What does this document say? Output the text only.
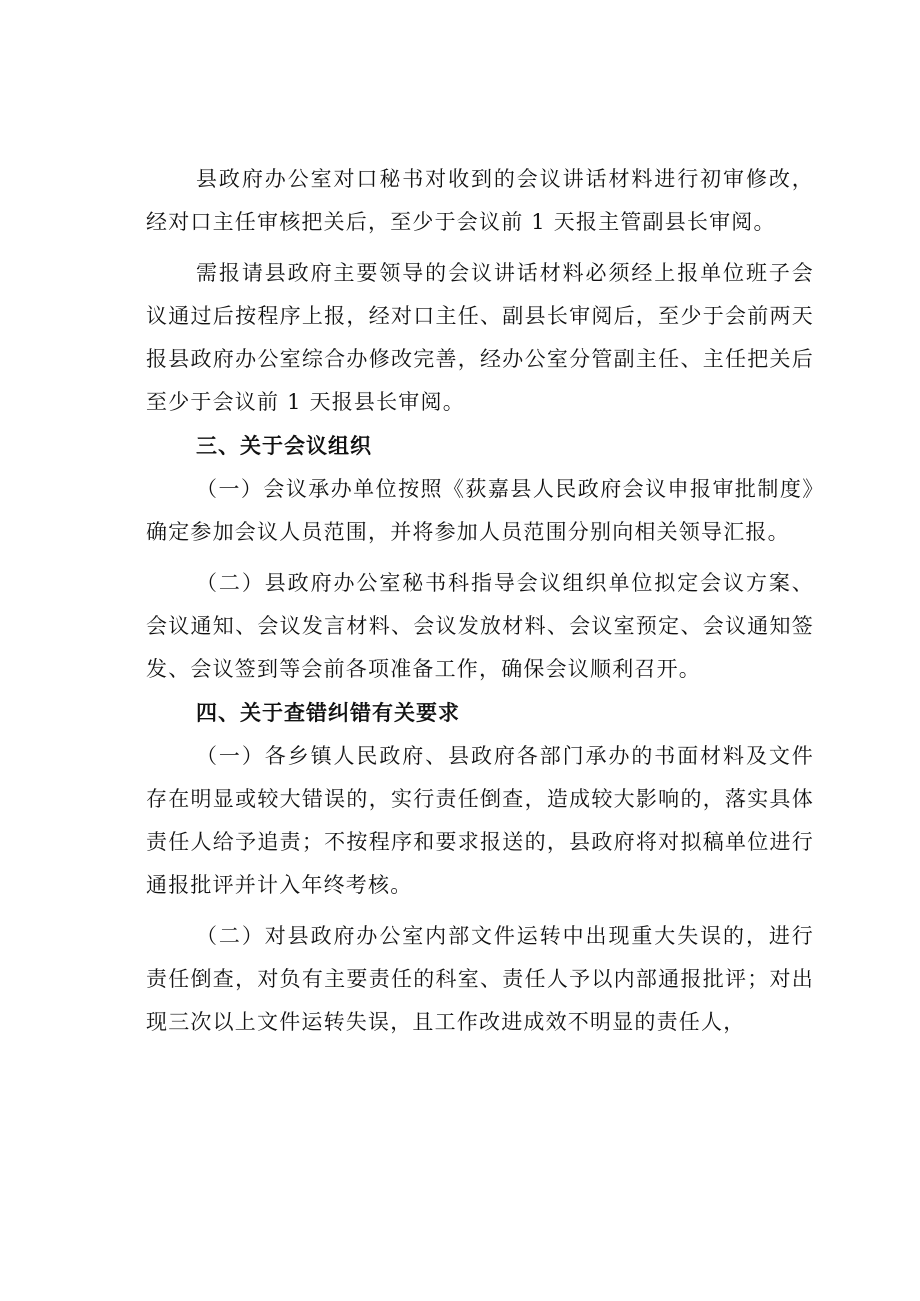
县政府办公室对口秘书对收到的会议讲话材料进行初审修改，经对口主任审核把关后，至少于会议前 1 天报主管副县长审阅。

需报请县政府主要领导的会议讲话材料必须经上报单位班子会议通过后按程序上报，经对口主任、副县长审阅后，至少于会前两天报县政府办公室综合办修改完善，经办公室分管副主任、主任把关后至少于会议前 1 天报县长审阅。

三、关于会议组织

（一）会议承办单位按照《荻嘉县人民政府会议申报审批制度》确定参加会议人员范围，并将参加人员范围分别向相关领导汇报。

（二）县政府办公室秘书科指导会议组织单位拟定会议方案、会议通知、会议发言材料、会议发放材料、会议室预定、会议通知签发、会议签到等会前各项准备工作，确保会议顺利召开。

四、关于查错纠错有关要求

（一）各乡镇人民政府、县政府各部门承办的书面材料及文件存在明显或较大错误的，实行责任倒查，造成较大影响的，落实具体责任人给予追责；不按程序和要求报送的，县政府将对拟稿单位进行通报批评并计入年终考核。

（二）对县政府办公室内部文件运转中出现重大失误的，进行责任倒查，对负有主要责任的科室、责任人予以内部通报批评；对出现三次以上文件运转失误，且工作改进成效不明显的责任人，
